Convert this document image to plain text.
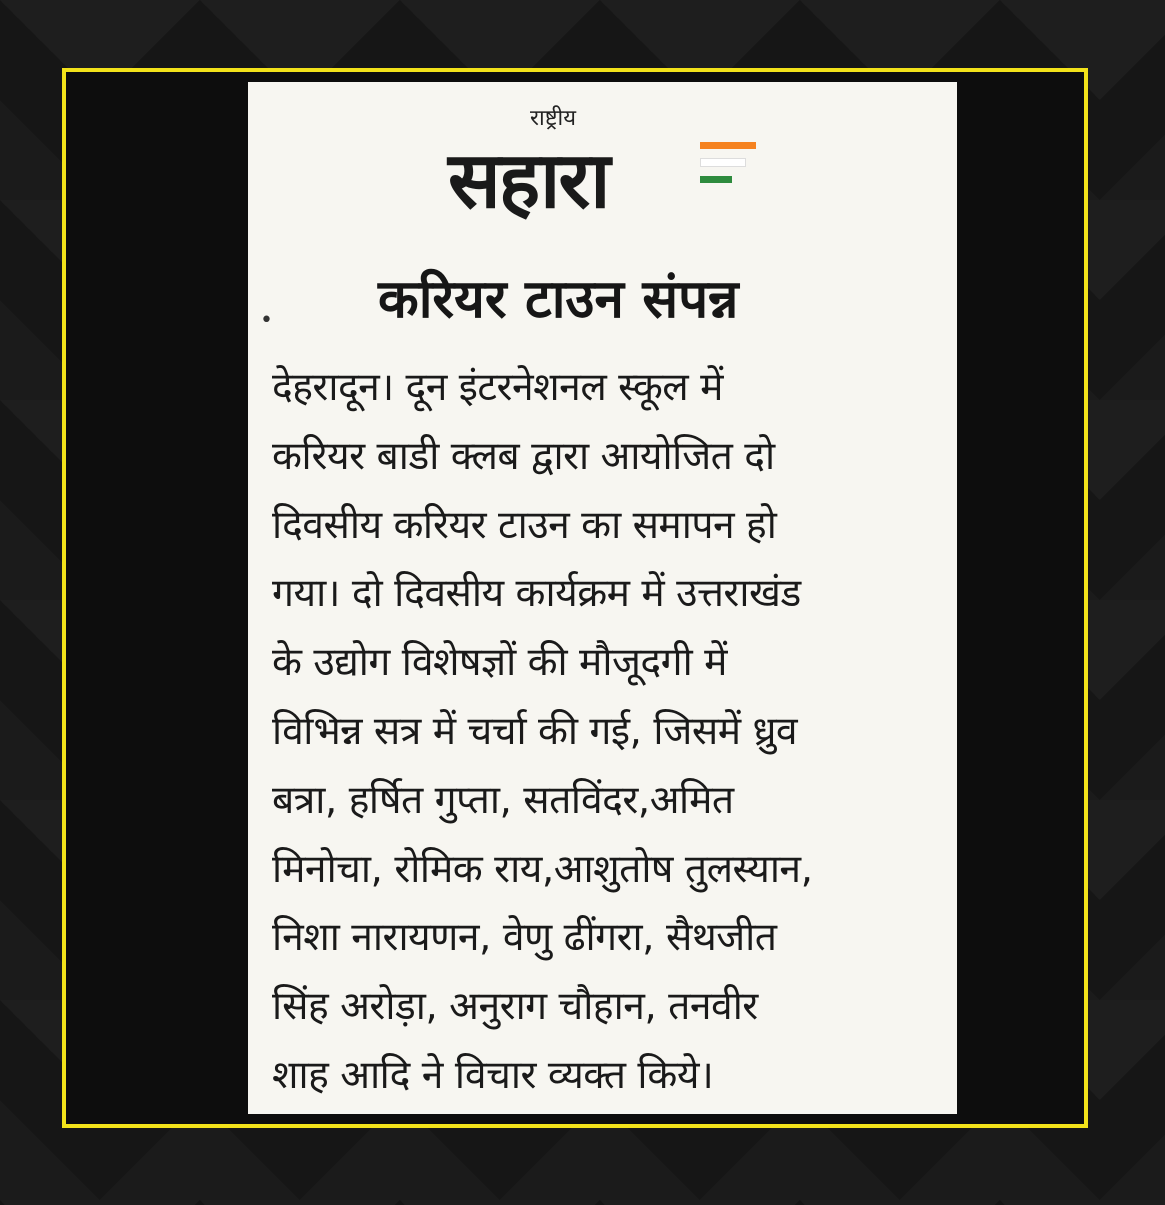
राष्ट्रीय
सहारा
• करियर टाउन संपन्न
देहरादून। दून इंटरनेशनल स्कूल में
करियर बाडी क्लब द्वारा आयोजित दो
दिवसीय करियर टाउन का समापन हो
गया। दो दिवसीय कार्यक्रम में उत्तराखंड
के उद्योग विशेषज्ञों की मौजूदगी में
विभिन्न सत्र में चर्चा की गई, जिसमें ध्रुव
बत्रा, हर्षित गुप्ता, सतविंदर,अमित
मिनोचा, रोमिक राय,आशुतोष तुलस्यान,
निशा नारायणन, वेणु ढींगरा, सैथजीत
सिंह अरोड़ा, अनुराग चौहान, तनवीर
शाह आदि ने विचार व्यक्त किये।
